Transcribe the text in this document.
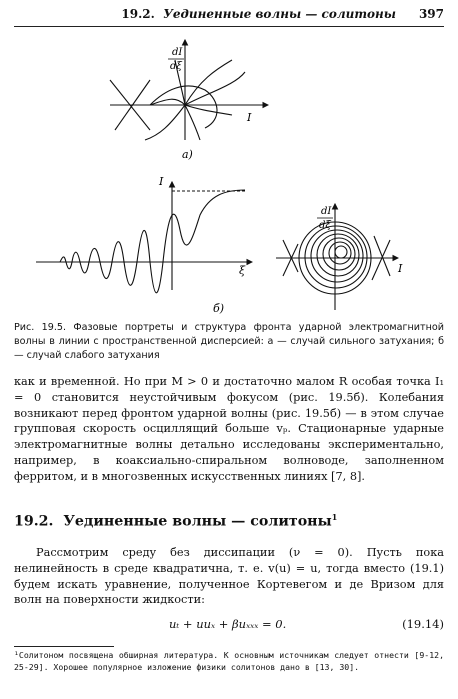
19.2. Уединенные волны — солитоны 397
dI
dξ
I
а)
I
ξ
dI
dξ
I
б)
Рис. 19.5. Фазовые портреты и структура фронта ударной электромагнитной волны в линии с пространственной дисперсией: а — случай сильного затухания; б — случай слабого затухания
как и временной. Но при M > 0 и достаточно малом R особая точка I₁ = 0 становится неустойчивым фокусом (рис. 19.5б). Колебания возникают перед фронтом ударной волны (рис. 19.5б) — в этом случае групповая скорость осциллящий больше vₚ. Стационарные ударные электромагнитные волны детально исследованы экспериментально, например, в коаксиально-спиральном волноводе, заполненном ферритом, и в многозвенных искусственных линиях [7, 8].
19.2. Уединенные волны — солитоны$^1$
Рассмотрим среду без диссипации (ν = 0). Пусть пока нелинейность в среде квадратична, т. е. v(u) = u, тогда вместо (19.1) будем искать уравнение, полученное Кортевегом и де Вризом для волн на поверхности жидкости:
uₜ + uuₓ + βuₓₓₓ = 0.	(19.14)
¹Солитоном посвящена обширная литература. К основным источникам следует отнести [9-12, 25-29]. Хорошее популярное изложение физики солитонов дано в [13, 30].
